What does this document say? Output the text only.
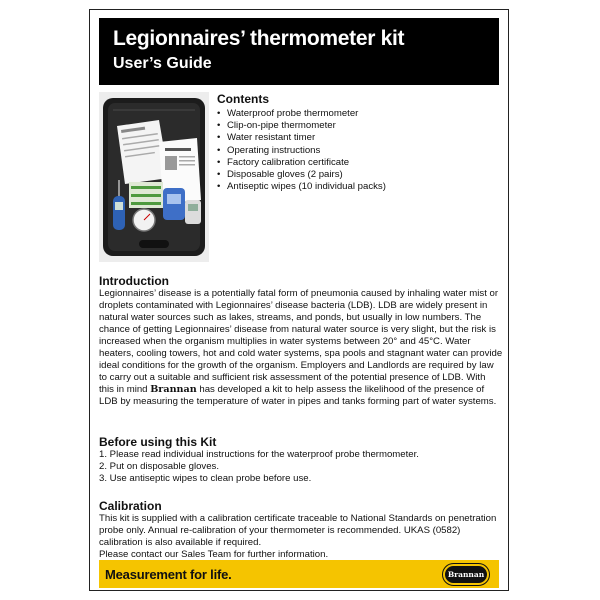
Legionnaires’ thermometer kit
User’s Guide
Contents
• Waterproof probe thermometer
• Clip-on-pipe thermometer
• Water resistant timer
• Operating instructions
• Factory calibration certificate
• Disposable gloves (2 pairs)
• Antiseptic wipes (10 individual packs)
Introduction

Legionnaires’ disease is a potentially fatal form of pneumonia caused by inhaling water mist or droplets contaminated with Legionnaires’ disease bacteria (LDB). LDB are widely present in natural water sources such as lakes, streams, and ponds, but usually in low numbers. The chance of getting Legionnaires’ disease from natural water source is very slight, but the risk is increased when the organism multiplies in water systems between 20° and 45°C. Water heaters, cooling towers, hot and cold water systems, spa pools and stagnant water can provide ideal conditions for the growth of the organism. Employers and Landlords are required by law to carry out a suitable and sufficient risk assessment of the potential presence of LDB. With this in mind Brannan has developed a kit to help assess the likelihood of the presence of LDB by measuring the temperature of water in pipes and tanks forming part of water systems.

Before using this Kit
1. Please read individual instructions for the waterproof probe thermometer.
2. Put on disposable gloves.
3. Use antiseptic wipes to clean probe before use.
Calibration

This kit is supplied with a calibration certificate traceable to National Standards on penetration probe only. Annual re-calibration of your thermometer is recommended. UKAS (0582) calibration is also available if required.

Please contact our Sales Team for further information.

Measurement for life.	Brannan
